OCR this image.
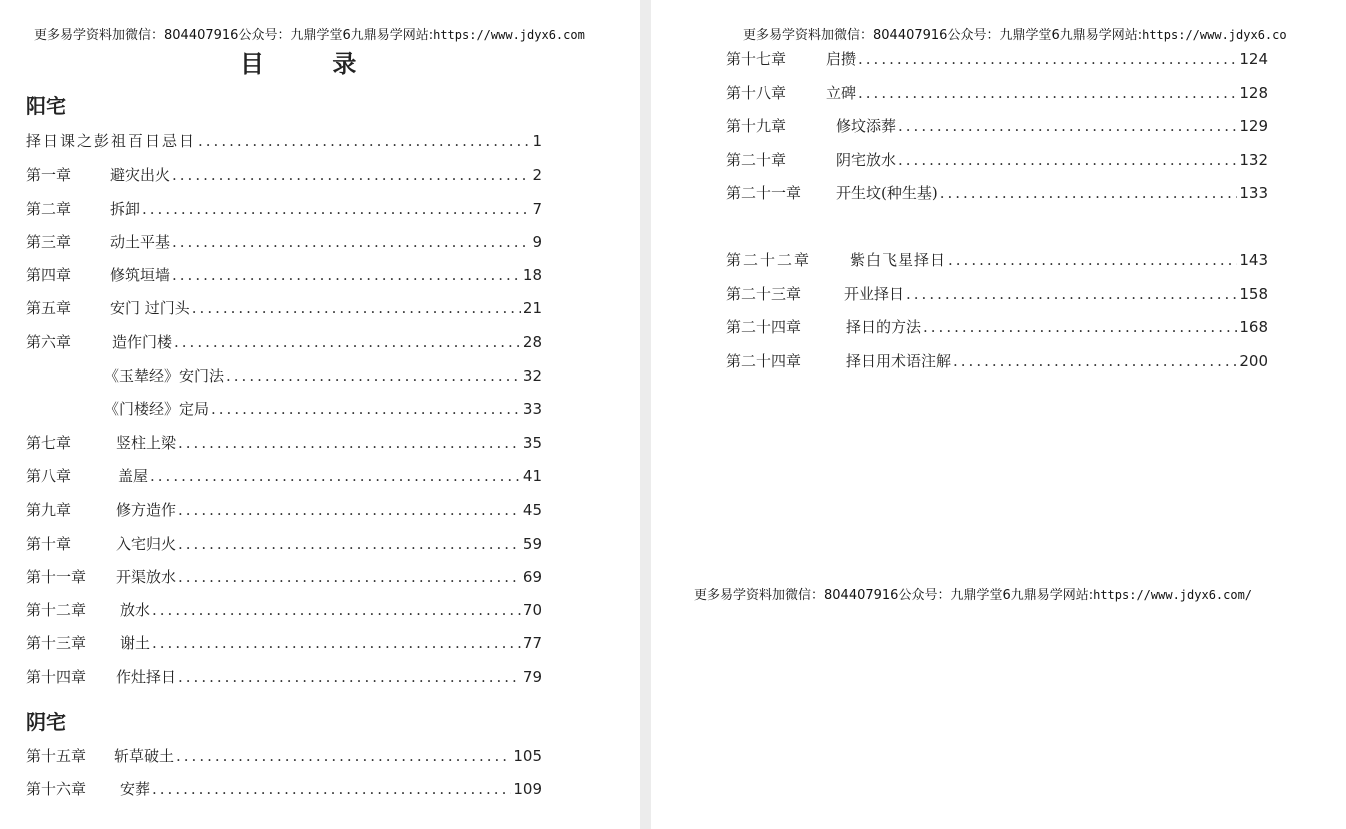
更多易学资料加微信：804407916公众号：九鼎学堂6九鼎易学网站:https://www.jdyx6.com
目 录
阳宅
择日课之彭祖百日忌日 .....	1
第一章	避灾出火 .....	2
第二章	拆卸 .....	7
第三章	动土平基 .....	9
第四章	修筑垣墙 .....	18
第五章	安门 过门头 .....	21
第六章	造作门楼 .....	28
《玉辇经》安门法 .....	32
《门楼经》定局 .....	33
第七章	竖柱上梁 .....	35
第八章	盖屋 .....	41
第九章	修方造作 .....	45
第十章	入宅归火 .....	59
第十一章	开渠放水 .....	69
第十二章	放水 .....	70
第十三章	谢土 .....	77
第十四章	作灶择日 .....	79
阴宅
第十五章	斩草破土 .....	105
第十六章	安葬 .....	109
更多易学资料加微信：804407916公众号：九鼎学堂6九鼎易学网站:https://www.jdyx6.co
第十七章	启攒 .....	124
第十八章	立碑 .....	128
第十九章	修坟添葬 .....	129
第二十章	阴宅放水 .....	132
第二十一章	开生坟(种生基) .....	133
第二十二章	紫白飞星择日 .....	143
第二十三章	开业择日 .....	158
第二十四章	择日的方法 .....	168
第二十四章	择日用术语注解 .....	200
更多易学资料加微信：804407916公众号：九鼎学堂6九鼎易学网站:https://www.jdyx6.com/
